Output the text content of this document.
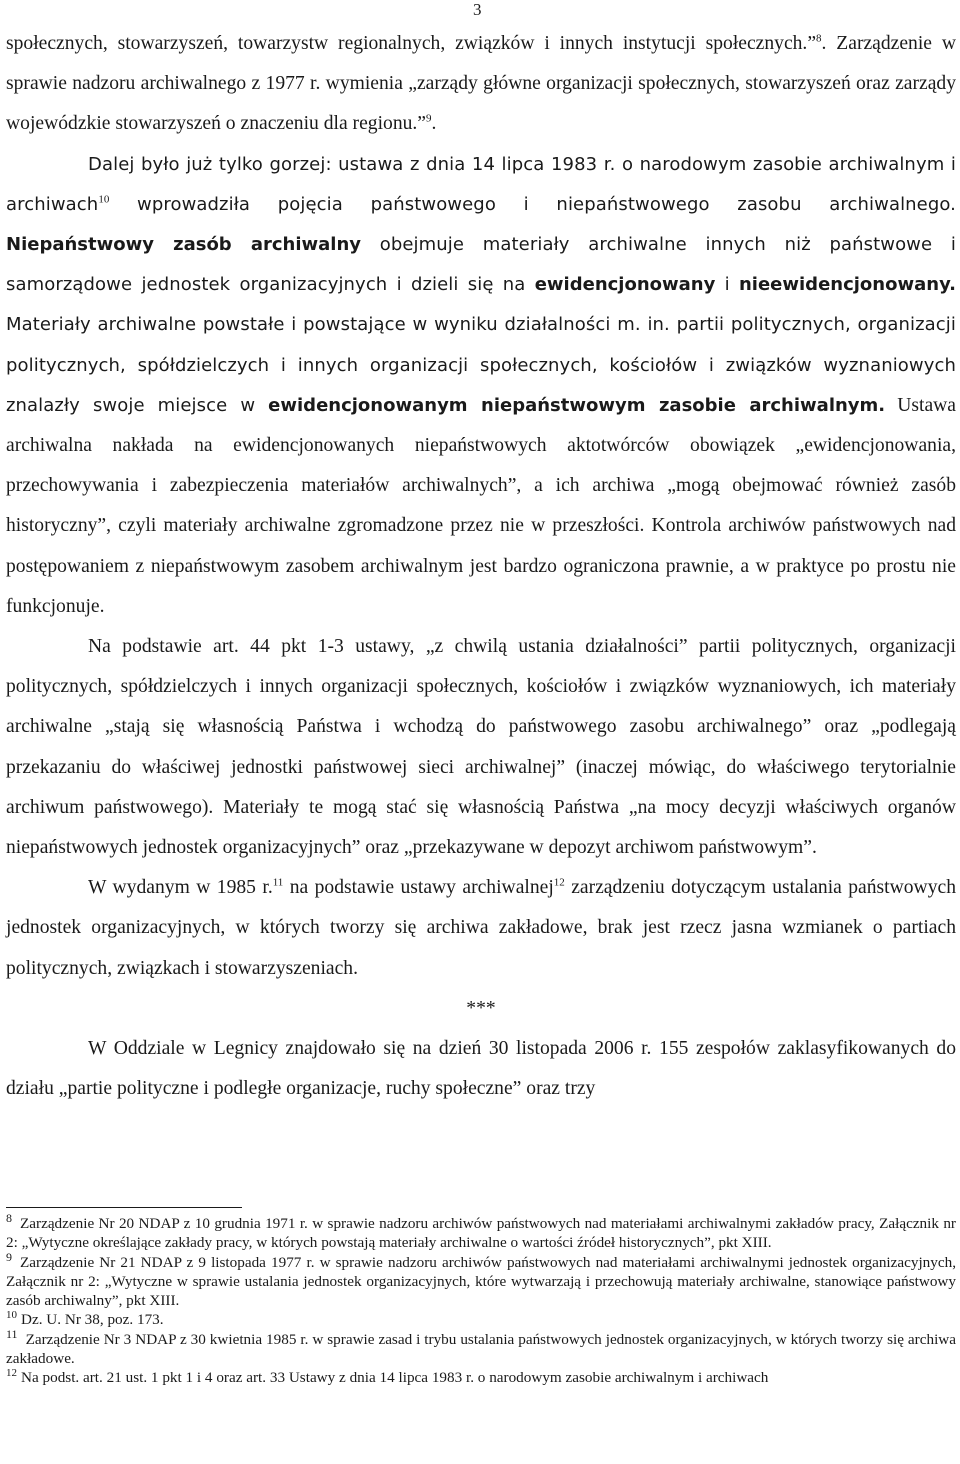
3

społecznych, stowarzyszeń, towarzystw regionalnych, związków i innych instytucji społecznych.”$^8$. Zarządzenie w sprawie nadzoru archiwalnego z 1977 r. wymienia „zarządy główne organizacji społecznych, stowarzyszeń oraz zarządy wojewódzkie stowarzyszeń o znaczeniu dla regionu.”$^9$.
Dalej było już tylko gorzej: ustawa z dnia 14 lipca 1983 r. o narodowym zasobie archiwalnym i archiwach$^{10}$ wprowadziła pojęcia państwowego i niepaństwowego zasobu archiwalnego. Niepaństwowy zasób archiwalny obejmuje materiały archiwalne innych niż państwowe i samorządowe jednostek organizacyjnych i dzieli się na ewidencjonowany i nieewidencjonowany. Materiały archiwalne powstałe i powstające w wyniku działalności m. in. partii politycznych, organizacji politycznych, spółdzielczych i innych organizacji społecznych, kościołów i związków wyznaniowych znalazły swoje miejsce w ewidencjonowanym niepaństwowym zasobie archiwalnym. Ustawa archiwalna nakłada na ewidencjonowanych niepaństwowych aktotwórców obowiązek „ewidencjonowania, przechowywania i zabezpieczenia materiałów archiwalnych”, a ich archiwa „mogą obejmować również zasób historyczny”, czyli materiały archiwalne zgromadzone przez nie w przeszłości. Kontrola archiwów państwowych nad postępowaniem z niepaństwowym zasobem archiwalnym jest bardzo ograniczona prawnie, a w praktyce po prostu nie funkcjonuje.

Na podstawie art. 44 pkt 1-3 ustawy, „z chwilą ustania działalności” partii politycznych, organizacji politycznych, spółdzielczych i innych organizacji społecznych, kościołów i związków wyznaniowych, ich materiały archiwalne „stają się własnością Państwa i wchodzą do państwowego zasobu archiwalnego” oraz „podlegają przekazaniu do właściwej jednostki państwowej sieci archiwalnej” (inaczej mówiąc, do właściwego terytorialnie archiwum państwowego). Materiały te mogą stać się własnością Państwa „na mocy decyzji właściwych organów niepaństwowych jednostek organizacyjnych” oraz „przekazywane w depozyt archiwom państwowym”.

W wydanym w 1985 r.$^{11}$ na podstawie ustawy archiwalnej$^{12}$ zarządzeniu dotyczącym ustalania państwowych jednostek organizacyjnych, w których tworzy się archiwa zakładowe, brak jest rzecz jasna wzmianek o partiach politycznych, związkach i stowarzyszeniach.

***

W Oddziale w Legnicy znajdowało się na dzień 30 listopada 2006 r. 155 zespołów zaklasyfikowanych do działu „partie polityczne i podległe organizacje, ruchy społeczne” oraz trzy

$^8$ Zarządzenie Nr 20 NDAP z 10 grudnia 1971 r. w sprawie nadzoru archiwów państwowych nad materiałami archiwalnymi zakładów pracy, Załącznik nr 2: „Wytyczne określające zakłady pracy, w których powstają materiały archiwalne o wartości źródeł historycznych”, pkt XIII.

$^9$ Zarządzenie Nr 21 NDAP z 9 listopada 1977 r. w sprawie nadzoru archiwów państwowych nad materiałami archiwalnymi jednostek organizacyjnych, Załącznik nr 2: „Wytyczne w sprawie ustalania jednostek organizacyjnych, które wytwarzają i przechowują materiały archiwalne, stanowiące państwowy zasób archiwalny”, pkt XIII.

$^{10}$ Dz. U. Nr 38, poz. 173.

$^{11}$ Zarządzenie Nr 3 NDAP z 30 kwietnia 1985 r. w sprawie zasad i trybu ustalania państwowych jednostek organizacyjnych, w których tworzy się archiwa zakładowe.

$^{12}$ Na podst. art. 21 ust. 1 pkt 1 i 4 oraz art. 33 Ustawy z dnia 14 lipca 1983 r. o narodowym zasobie archiwalnym i archiwach
